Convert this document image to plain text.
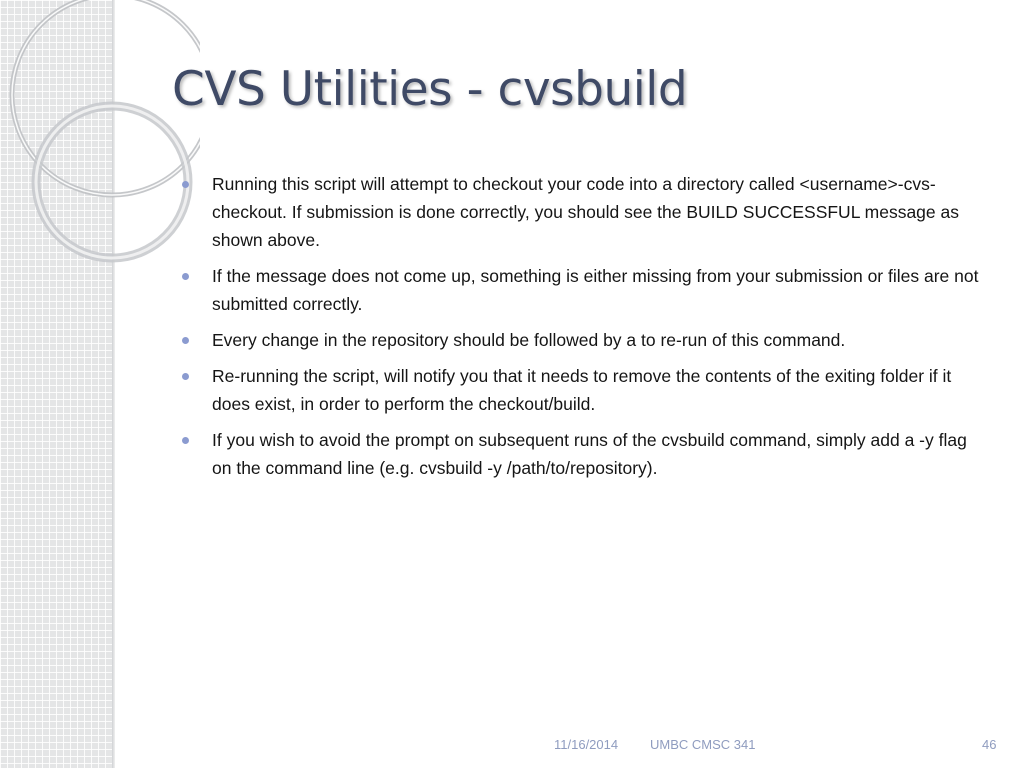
CVS Utilities - cvsbuild
Running this script will attempt to checkout your code into a directory called <username>-cvs-checkout. If submission is done correctly, you should see the BUILD SUCCESSFUL message as shown above.
If the message does not come up, something is either missing from your submission or files are not submitted correctly.
Every change in the repository should be followed by a to re-run of this command.
Re-running the script, will notify you that it needs to remove the contents of the exiting folder if it does exist, in order to perform the checkout/build.
If you wish to avoid the prompt on subsequent runs of the cvsbuild command, simply add a -y flag on the command line (e.g. cvsbuild -y /path/to/repository).
11/16/2014 UMBC CMSC 341	46
